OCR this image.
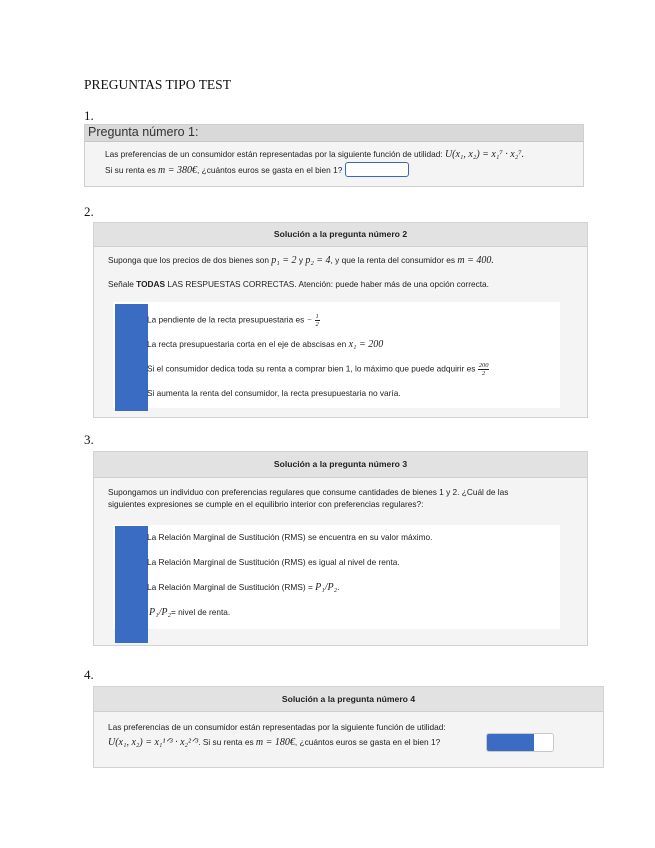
PREGUNTAS TIPO TEST
1.
Pregunta número 1:
Las preferencias de un consumidor están representadas por la siguiente función de utilidad: U(x₁, x₂) = x₁⁷ · x₂⁷.
Si su renta es m = 380€, ¿cuántos euros se gasta en el bien 1?
2.
Solución a la pregunta número 2
Suponga que los precios de dos bienes son p₁ = 2 y p₂ = 4, y que la renta del consumidor es m = 400.
Señale TODAS LAS RESPUESTAS CORRECTAS. Atención: puede haber más de una opción correcta.
La pendiente de la recta presupuestaria es − $\frac{1}{2}$
La recta presupuestaria corta en el eje de abscisas en x₁ = 200
Si el consumidor dedica toda su renta a comprar bien 1, lo máximo que puede adquirir es $\frac{200}{2}$
Si aumenta la renta del consumidor, la recta presupuestaria no varía.
3.
Solución a la pregunta número 3
Supongamos un individuo con preferencias regulares que consume cantidades de bienes 1 y 2. ¿Cuál de las
siguientes expresiones se cumple en el equilibrio interior con preferencias regulares?:
La Relación Marginal de Sustitución (RMS) se encuentra en su valor máximo.
La Relación Marginal de Sustitución (RMS) es igual al nivel de renta.
La Relación Marginal de Sustitución (RMS) = P₁/P₂.
P₁/P₂= nivel de renta.
4.
Solución a la pregunta número 4
Las preferencias de un consumidor están representadas por la siguiente función de utilidad:
U(x₁, x₂) = x₁¹ᐟ³ · x₂²ᐟ³. Si su renta es m = 180€, ¿cuántos euros se gasta en el bien 1?
